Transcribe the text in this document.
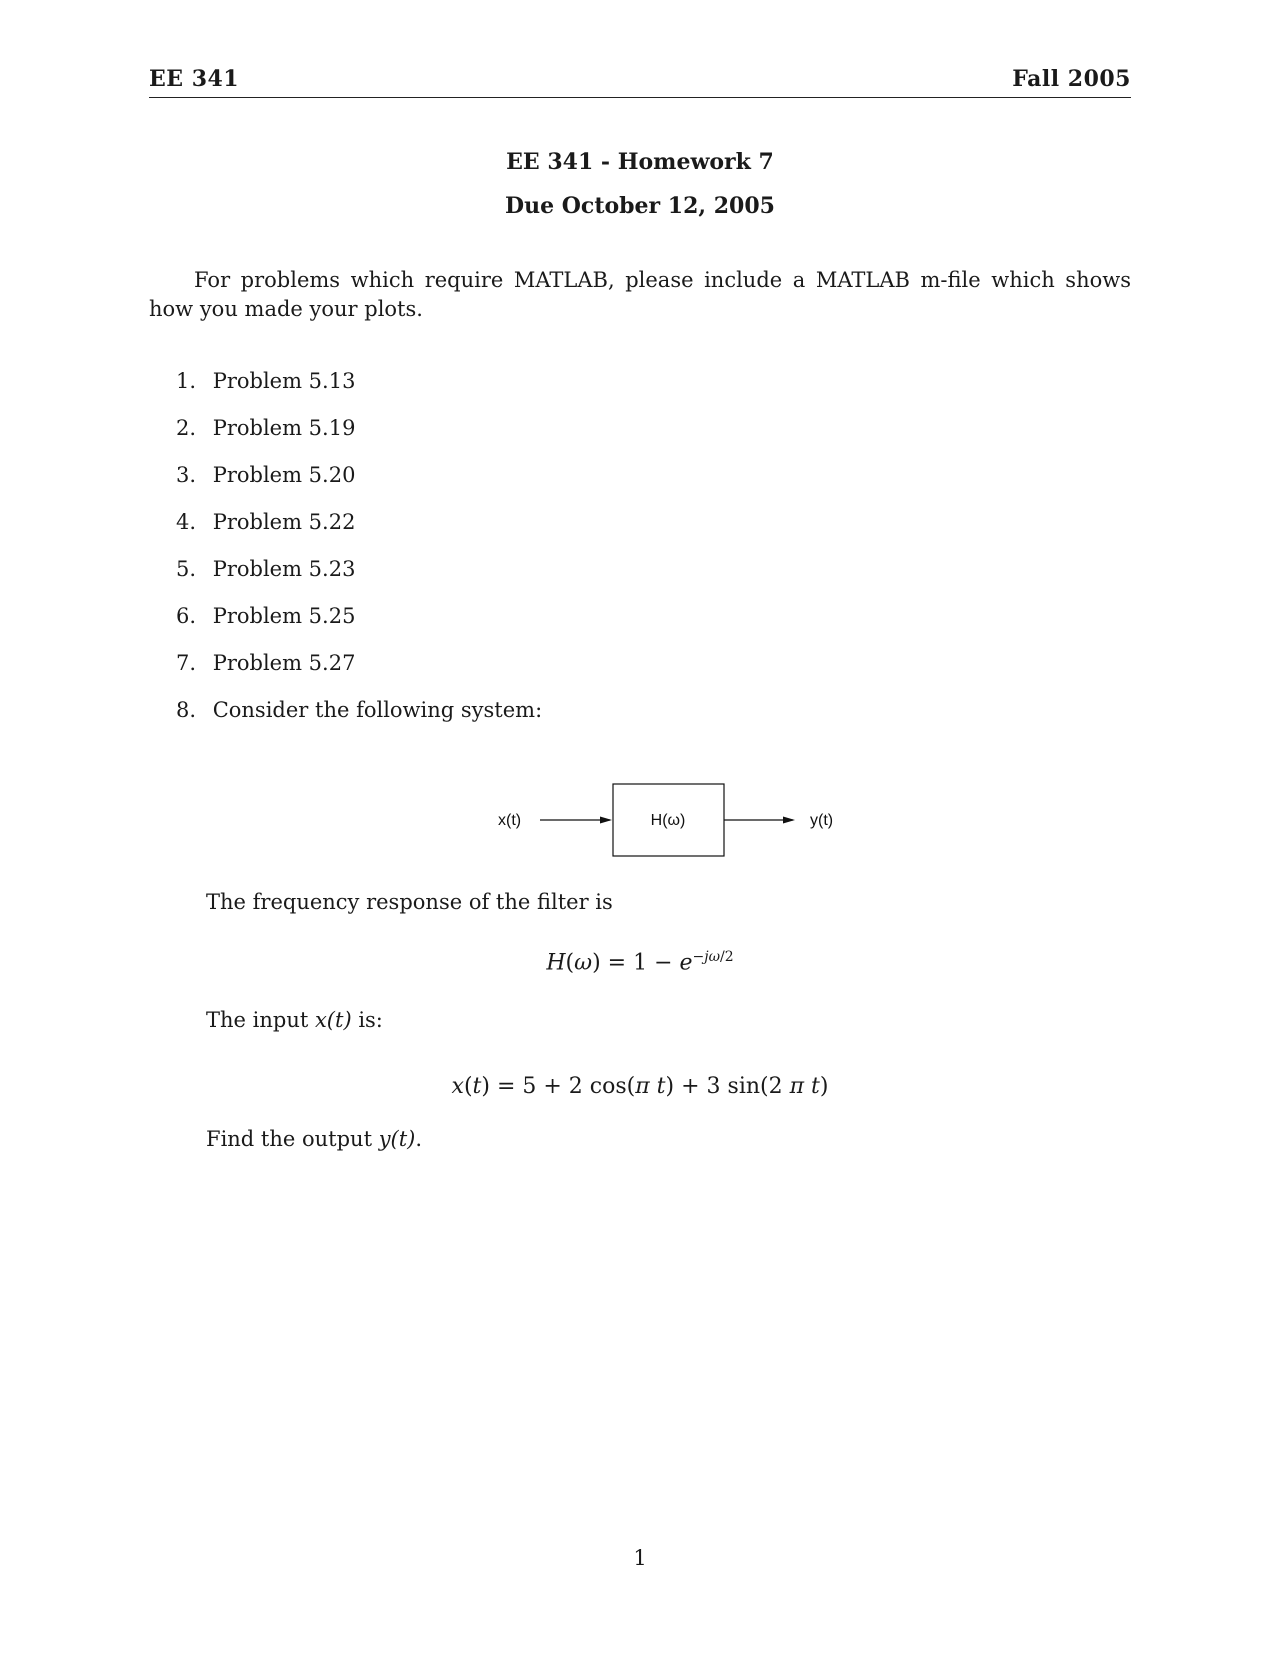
EE 341	Fall 2005
EE 341 - Homework 7
Due October 12, 2005
For problems which require MATLAB, please include a MATLAB m-file which shows how you made your plots.
1. Problem 5.13
2. Problem 5.19
3. Problem 5.20
4. Problem 5.22
5. Problem 5.23
6. Problem 5.25
7. Problem 5.27
8. Consider the following system:
x(t)	H(ω)	y(t)
The frequency response of the filter is
$H(\omega) = 1 - e^{-j\omega/2}$
The input x(t) is:
x(t) = 5 + 2 cos(π t) + 3 sin(2 π t)
Find the output y(t).
1
